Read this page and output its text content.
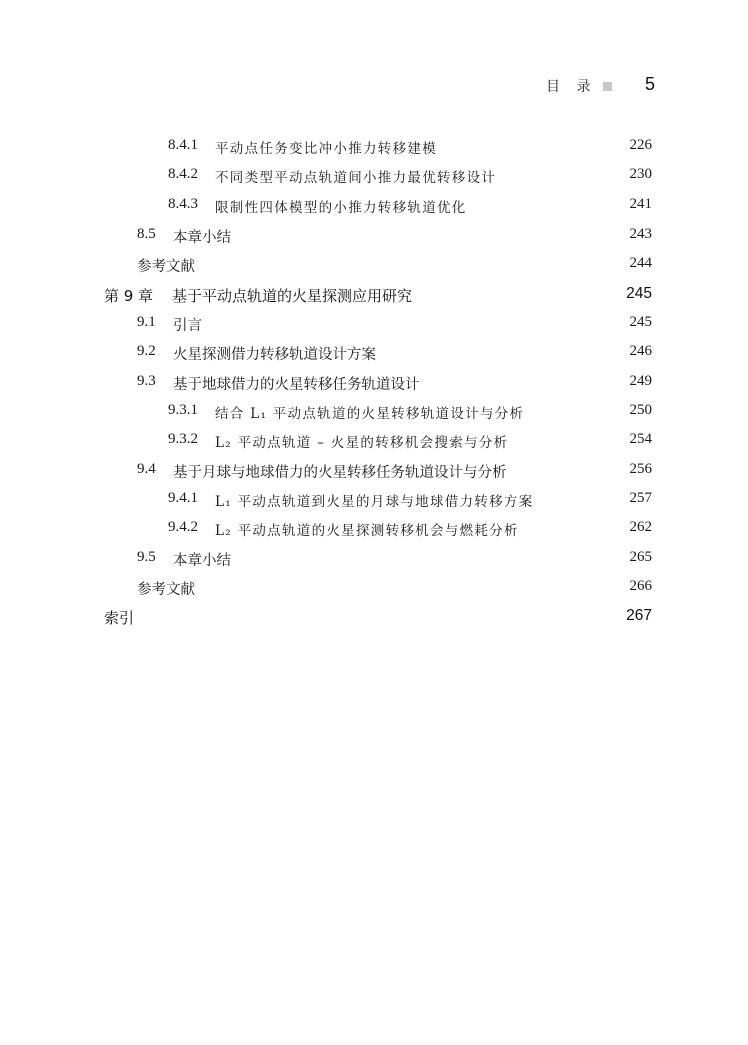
目 录	5
8.4.1 平动点任务变比冲小推力转移建模	226
8.4.2 不同类型平动点轨道间小推力最优转移设计	230
8.4.3 限制性四体模型的小推力转移轨道优化	241
8.5 本章小结	243
参考文献	244
第 9 章 基于平动点轨道的火星探测应用研究	245
9.1 引言	245
9.2 火星探测借力转移轨道设计方案	246
9.3 基于地球借力的火星转移任务轨道设计	249
9.3.1 结合 L₁ 平动点轨道的火星转移轨道设计与分析	250
9.3.2 L₂ 平动点轨道 – 火星的转移机会搜索与分析	254
9.4 基于月球与地球借力的火星转移任务轨道设计与分析	256
9.4.1 L₁ 平动点轨道到火星的月球与地球借力转移方案	257
9.4.2 L₂ 平动点轨道的火星探测转移机会与燃耗分析	262
9.5 本章小结	265
参考文献	266
索引	267
